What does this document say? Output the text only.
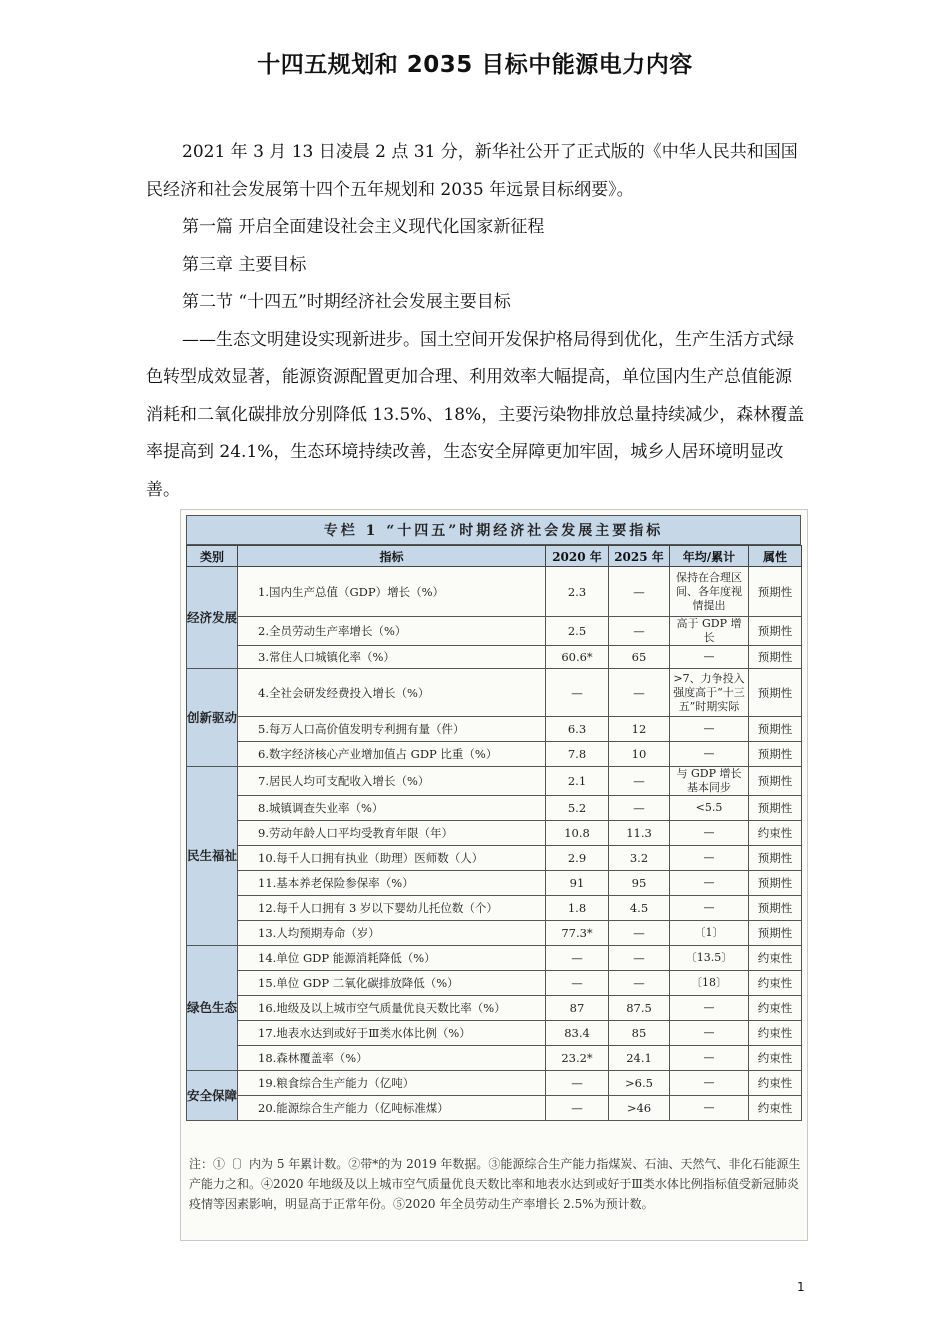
十四五规划和 2035 目标中能源电力内容

2021 年 3 月 13 日凌晨 2 点 31 分，新华社公开了正式版的《中华人民共和国国民经济和社会发展第十四个五年规划和 2035 年远景目标纲要》。

第一篇 开启全面建设社会主义现代化国家新征程

第三章 主要目标

第二节 “十四五”时期经济社会发展主要目标

——生态文明建设实现新进步。国土空间开发保护格局得到优化，生产生活方式绿色转型成效显著，能源资源配置更加合理、利用效率大幅提高，单位国内生产总值能源消耗和二氧化碳排放分别降低 13.5%、18%，主要污染物排放总量持续减少，森林覆盖率提高到 24.1%，生态环境持续改善，生态安全屏障更加牢固，城乡人居环境明显改善。

专栏 1 “十四五”时期经济社会发展主要指标
类别	指标	2020 年	2025 年	年均/累计	属性
经济发展	1.国内生产总值（GDP）增长（%）	2.3	—	保持在合理区间、各年度视情提出	预期性
	2.全员劳动生产率增长（%）	2.5	—	高于 GDP 增长	预期性
	3.常住人口城镇化率（%）	60.6*	65	—	预期性
创新驱动	4.全社会研发经费投入增长（%）	—	—	>7、力争投入强度高于“十三五”时期实际	预期性
	5.每万人口高价值发明专利拥有量（件）	6.3	12	—	预期性
	6.数字经济核心产业增加值占 GDP 比重（%）	7.8	10	—	预期性
民生福祉	7.居民人均可支配收入增长（%）	2.1	—	与 GDP 增长基本同步	预期性
	8.城镇调查失业率（%）	5.2	—	<5.5	预期性
	9.劳动年龄人口平均受教育年限（年）	10.8	11.3	—	约束性
	10.每千人口拥有执业（助理）医师数（人）	2.9	3.2	—	预期性
	11.基本养老保险参保率（%）	91	95	—	预期性
	12.每千人口拥有 3 岁以下婴幼儿托位数（个）	1.8	4.5	—	预期性
	13.人均预期寿命（岁）	77.3*	—	〔1〕	预期性
绿色生态	14.单位 GDP 能源消耗降低（%）	—	—	〔13.5〕	约束性
	15.单位 GDP 二氧化碳排放降低（%）	—	—	〔18〕	约束性
	16.地级及以上城市空气质量优良天数比率（%）	87	87.5	—	约束性
	17.地表水达到或好于Ⅲ类水体比例（%）	83.4	85	—	约束性
	18.森林覆盖率（%）	23.2*	24.1	—	约束性
安全保障	19.粮食综合生产能力（亿吨）	—	>6.5	—	约束性
	20.能源综合生产能力（亿吨标准煤）	—	>46	—	约束性
注：①〔〕内为 5 年累计数。②带*的为 2019 年数据。③能源综合生产能力指煤炭、石油、天然气、非化石能源生产能力之和。④2020 年地级及以上城市空气质量优良天数比率和地表水达到或好于Ⅲ类水体比例指标值受新冠肺炎疫情等因素影响，明显高于正常年份。⑤2020 年全员劳动生产率增长 2.5%为预计数。
1
